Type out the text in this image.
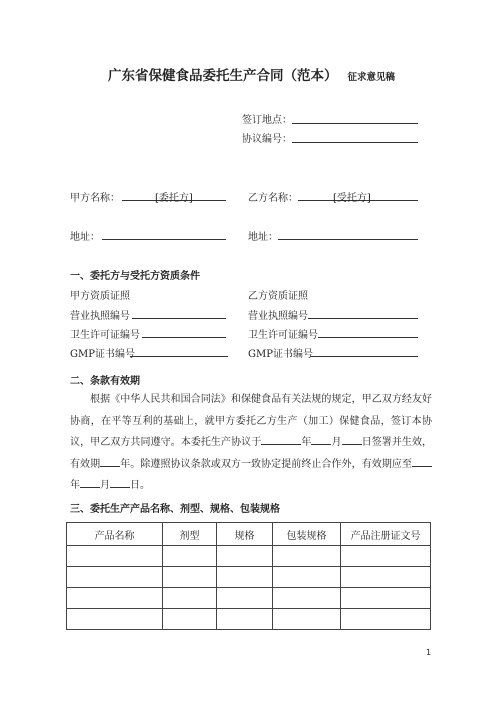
广东省保健食品委托生产合同（范本） 征求意见稿
签订地点：
协议编号：
甲方名称：	[委托方]	乙方名称：	[受托方]
地址：	地址：
一、委托方与受托方资质条件
甲方资质证照	乙方资质证照
营业执照编号	营业执照编号
卫生许可证编号	卫生许可证编号
GMP证书编号	GMP证书编号
二、条款有效期
根据《中华人民共和国合同法》和保健食品有关法规的规定，甲乙双方经友好协商，在平等互利的基础上，就甲方委托乙方生产（加工）保健食品，签订本协议，甲乙双方共同遵守。本委托生产协议于	年 月 日签署并生效，有效期 年。除遵照协议条款或双方一致协定提前终止合作外，有效期应至年 月 日。
三、委托生产产品名称、剂型、规格、包装规格
产品名称	剂型	规格	包装规格	产品注册证文号

1
